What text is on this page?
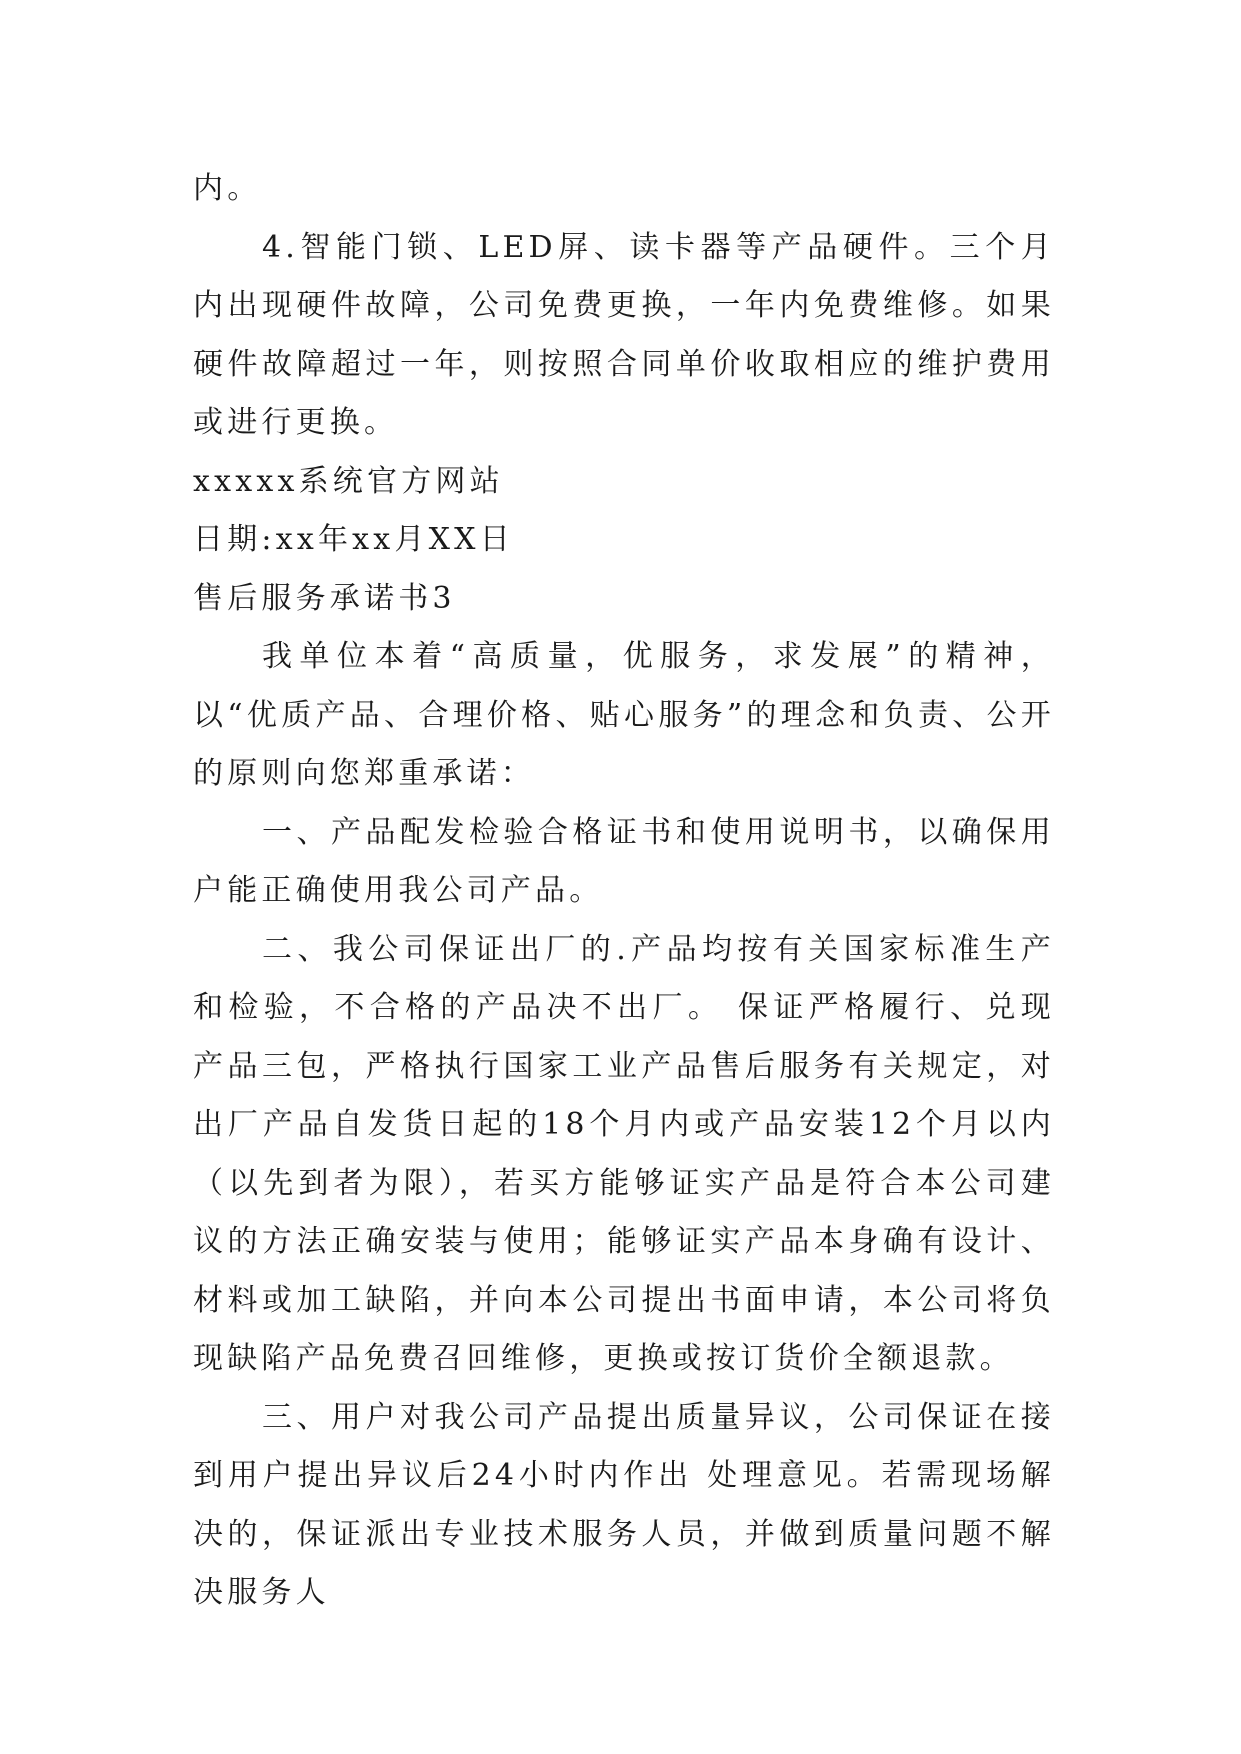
内。

4.智能门锁、LED屏、读卡器等产品硬件。三个月内出现硬件故障，公司免费更换，一年内免费维修。如果硬件故障超过一年，则按照合同单价收取相应的维护费用或进行更换。

xxxxx系统官方网站

日期:xx年xx月XX日

售后服务承诺书3

我单位本着“高质量，优服务，求发展”的精神，以“优质产品、合理价格、贴心服务”的理念和负责、公开的原则向您郑重承诺：

一、产品配发检验合格证书和使用说明书，以确保用户能正确使用我公司产品。

二、我公司保证出厂的.产品均按有关国家标准生产和检验，不合格的产品决不出厂。 保证严格履行、兑现产品三包，严格执行国家工业产品售后服务有关规定，对出厂产品自发货日起的18个月内或产品安装12个月以内（以先到者为限），若买方能够证实产品是符合本公司建议的方法正确安装与使用；能够证实产品本身确有设计、材料或加工缺陷，并向本公司提出书面申请，本公司将负现缺陷产品免费召回维修，更换或按订货价全额退款。

三、用户对我公司产品提出质量异议，公司保证在接到用户提出异议后24小时内作出 处理意见。若需现场解决的，保证派出专业技术服务人员，并做到质量问题不解决服务人
